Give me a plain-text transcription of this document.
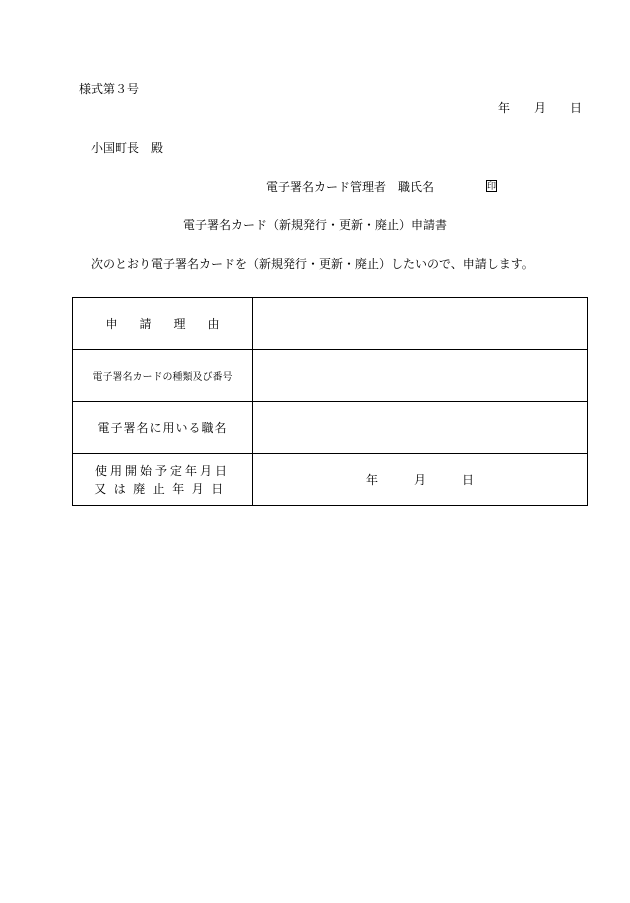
様式第３号
年 月 日
小国町長 殿
電子署名カード管理者 職氏名	印
電子署名カード（新規発行・更新・廃止）申請書
次のとおり電子署名カードを（新規発行・更新・廃止）したいので、申請します。
申請理由	
電子署名カードの種類及び番号	
電子署名に用いる職名	

使用開始予定年月日
又は廃止年月日	年 月 日
